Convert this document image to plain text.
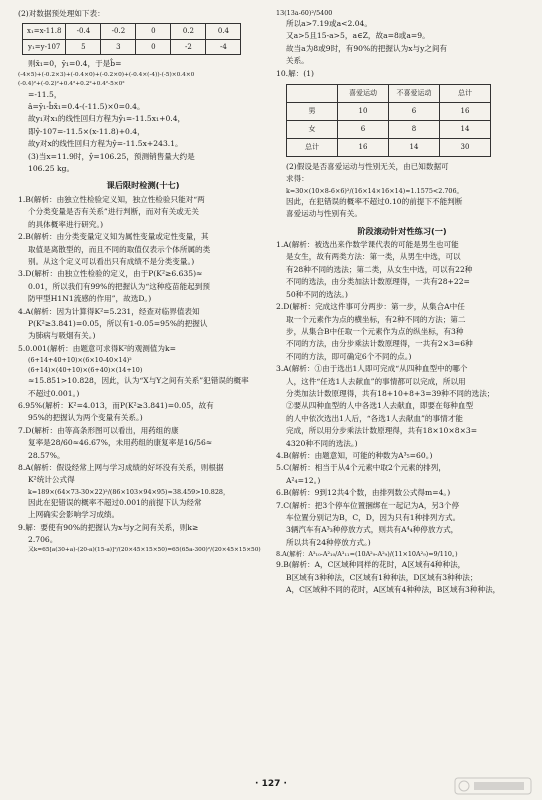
(2)对数据预处理如下表：

x₁=x-11.8	-0.4	-0.2	0	0.2	0.4
y₁=y-107	5	3	0	-2	-4

则x̄₁=0，ȳ₁=0.4，于是b̂=

(-4×5)+(-0.2×3)+(-0.4×0)+(-0.2×0)+(-0.4×(-4))-(-5)×0.4×0

(-0.4)²+(-0.2)²+0.4²+0.2²+0.4²-5×0²

=-11.5，

â=ȳ₁-b̂x̄₁=0.4-(-11.5)×0=0.4。

故y₁对x₁的线性回归方程为ŷ₁=-11.5x₁+0.4，

即ŷ-107=-11.5×(x-11.8)+0.4，

故y对x的线性回归方程为ŷ=-11.5x+243.1。

(3)当x=11.9时，ŷ=106.25，预测销售量大约是

106.25 kg。

课后限时检测(十七)

1.B(解析：由独立性检验定义知，独立性检验只能对“两

个分类变量是否有关系”进行判断，而对有关或无关

的具体概率进行研究。)

2.B(解析：由分类变量定义知为属性变量或定性变量，其

取值是离散型的，而且不同的取值仅表示个体所属的类

别。从这个定义可以看出只有成绩不是分类变量。)

3.D(解析：由独立性检验的定义，由于P(K²≥6.635)≈

0.01，所以我们有99%的把握认为“这种疫苗能起到预

防甲型H1N1流感的作用”，故选D。)

4.A(解析：因为计算得K²=5.231，经查对临界值表知

P(K²≥3.841)=0.05，所以有1-0.05=95%的把握认

为肺病与吸烟有关。)

5.0.001(解析：由题意可求得K²的观测值为k=

(6+14+40+10)×(6×10-40×14)²

(6+14)×(40+10)×(6+40)×(14+10)

≈15.851>10.828，因此，认为“X与Y之间有关系”犯错误的概率

不超过0.001。)

6.95%(解析：K²=4.013，而P(K²≥3.841)=0.05，故有

95%的把握认为两个变量有关系。)

7.D(解析：由等高条形图可以看出，用药组的康

复率是28/60≈46.67%，未用药组的康复率是16/56≈

28.57%。

8.A(解析：假设经常上网与学习成绩的好坏没有关系，则根据

K²统计公式得

k=189×(64×73-30×22)²/(86×103×94×95)≈38.459>10.828，

因此在犯错误的概率不超过0.001的前提下认为经常

上网确实会影响学习成绩。

9.解：要使有90%的把握认为x与y之间有关系，则k≥

2.706。

又k=65[a(30+a)-(20-a)(15-a)]²/(20×45×15×50)=65(65a-300)²/(20×45×15×50)

13(13a-60)²/5400

所以a>7.19或a<2.04。

又a>5且15-a>5，a∈Z，故a=8或a=9。

故当a为8或9时，有90%的把握认为x与y之间有

关系。

10.解：(1)

	喜爱运动	不喜爱运动	总计
男	10	6	16
女	6	8	14
总计	16	14	30

(2)假设是否喜爱运动与性别无关，由已知数据可

求得：

k=30×(10×8-6×6)²/(16×14×16×14)≈1.1575<2.706。

因此，在犯错误的概率不超过0.10的前提下不能判断

喜爱运动与性别有关。

阶段滚动针对性练习(一)

1.A(解析：被选出来作数学课代表的可能是男生也可能

是女生，故有两类方法：第一类，从男生中选，可以

有28种不同的选法；第二类，从女生中选，可以有22种

不同的选法，由分类加法计数原理得，一共有28+22=

50种不同的选法。)

2.D(解析：完成这件事可分两步：第一步，从集合A中任

取一个元素作为点的横坐标，有2种不同的方法；第二

步，从集合B中任取一个元素作为点的纵坐标，有3种

不同的方法，由分步乘法计数原理得，一共有2×3=6种

不同的方法，即可确定6个不同的点。)

3.A(解析：①由于选出1人即可完成“从四种血型中的哪个

人，这件“任选1人去献血”的事情都可以完成，所以用

分类加法计数原理得，共有18+10+8+3=39种不同的选法；

②要从四种血型的人中各选1人去献血，即要在每种血型

的人中依次选出1人后，“各选1人去献血”的事情才能

完成，所以用分步乘法计数原理得，共有18×10×8×3=

4320种不同的选法。)

4.B(解析：由题意知，可能的种数为A³₅=60。)

5.C(解析：相当于从4个元素中取2个元素的排列，

A²₄=12。)

6.B(解析：9到12共4个数，由排列数公式得m=4。)

7.C(解析：把3个停车位置捆绑在一起记为A，另3个停

车位置分别记为B，C，D，因为只有1种排列方式。

3辆汽车有A³₃种停放方式，则共有A⁴₄种停放方式，

所以共有24种停放方式。)

8.A(解析：A³₁₀-A²₁₀/A³₁₁=(10A²₉-A²₉)/(11×10A²₉)=9/110。)

9.B(解析：A，C区域种同样的花时，A区域有4种种法，

B区域有3种种法，C区域有1种种法，D区域有3种种法；

A，C区域种不同的花时，A区域有4种种法，B区域有3种种法，

· 127 ·
